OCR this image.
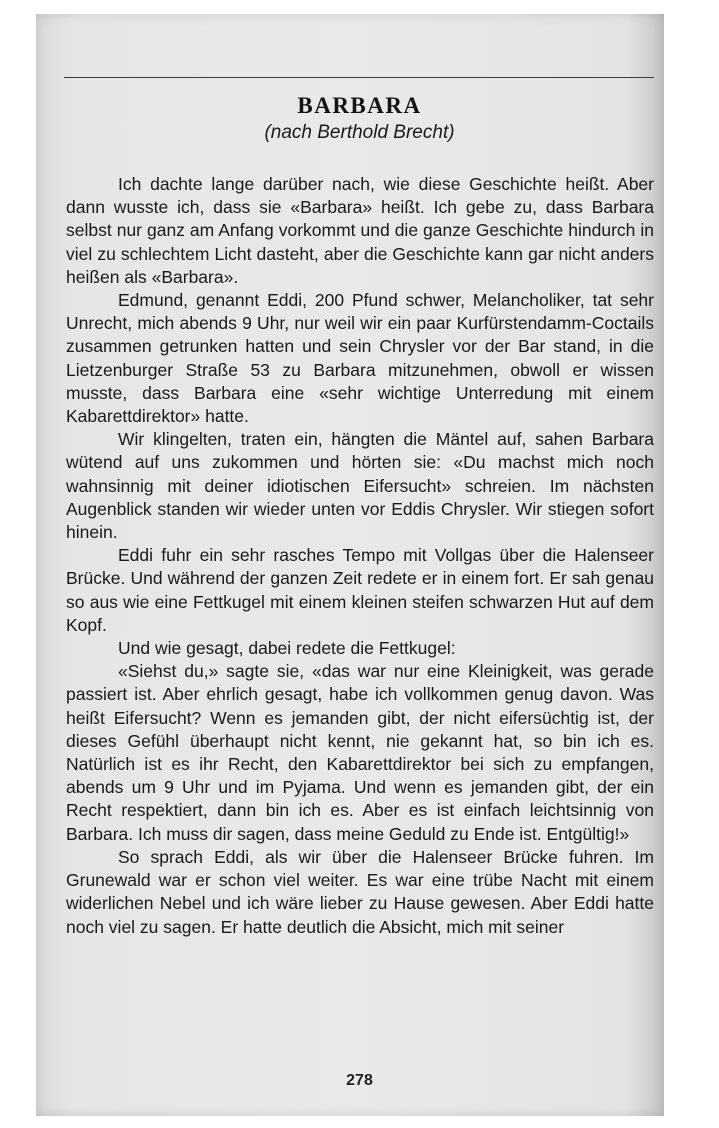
BARBARA
(nach Berthold Brecht)

Ich dachte lange darüber nach, wie diese Geschichte heißt. Aber dann wusste ich, dass sie «Barbara» heißt. Ich gebe zu, dass Barbara selbst nur ganz am Anfang vorkommt und die ganze Geschichte hindurch in viel zu schlechtem Licht dasteht, aber die Geschichte kann gar nicht anders heißen als «Barbara».

Edmund, genannt Eddi, 200 Pfund schwer, Melancholiker, tat sehr Unrecht, mich abends 9 Uhr, nur weil wir ein paar Kurfürstendamm-Coctails zusammen getrunken hatten und sein Chrysler vor der Bar stand, in die Lietzenburger Straße 53 zu Barbara mitzunehmen, obwoll er wissen musste, dass Barbara eine «sehr wichtige Unterredung mit einem Kabarettdirektor» hatte.

Wir klingelten, traten ein, hängten die Mäntel auf, sahen Barbara wütend auf uns zukommen und hörten sie: «Du machst mich noch wahnsinnig mit deiner idiotischen Eifersucht» schreien. Im nächsten Augenblick standen wir wieder unten vor Eddis Chrysler. Wir stiegen sofort hinein.

Eddi fuhr ein sehr rasches Tempo mit Vollgas über die Halenseer Brücke. Und während der ganzen Zeit redete er in einem fort. Er sah genau so aus wie eine Fettkugel mit einem kleinen steifen schwarzen Hut auf dem Kopf.

Und wie gesagt, dabei redete die Fettkugel:

«Siehst du,» sagte sie, «das war nur eine Kleinigkeit, was gerade passiert ist. Aber ehrlich gesagt, habe ich vollkommen genug davon. Was heißt Eifersucht? Wenn es jemanden gibt, der nicht eifersüchtig ist, der dieses Gefühl überhaupt nicht kennt, nie gekannt hat, so bin ich es. Natürlich ist es ihr Recht, den Kabarettdirektor bei sich zu empfangen, abends um 9 Uhr und im Pyjama. Und wenn es jemanden gibt, der ein Recht respektiert, dann bin ich es. Aber es ist einfach leichtsinnig von Barbara. Ich muss dir sagen, dass meine Geduld zu Ende ist. Entgültig!»

So sprach Eddi, als wir über die Halenseer Brücke fuhren. Im Grunewald war er schon viel weiter. Es war eine trübe Nacht mit einem widerlichen Nebel und ich wäre lieber zu Hause gewesen. Aber Eddi hatte noch viel zu sagen. Er hatte deutlich die Absicht, mich mit seiner

278
